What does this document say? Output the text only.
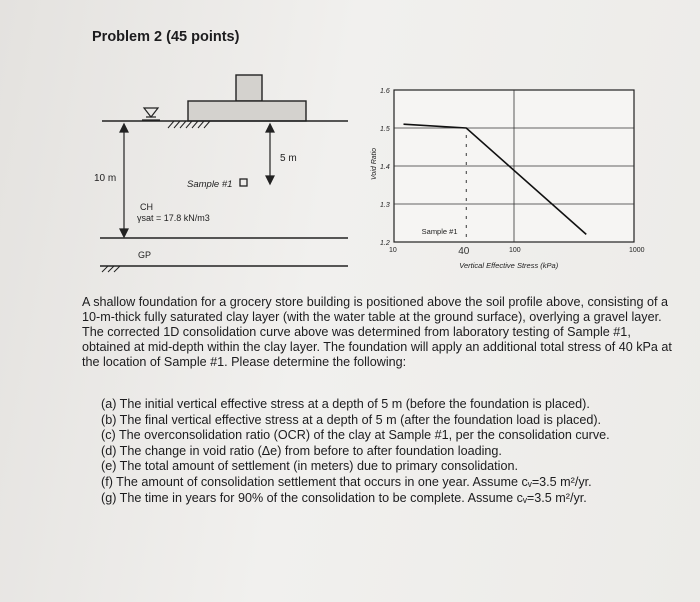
Problem 2 (45 points)
10 m
5 m
Sample #1
CH
γsat = 17.8 kN/m3
GP
1.2
1.3
1.4
1.5
1.6
10	100	1000
Void Ratio
Vertical Effective Stress (kPa)
Sample #1
40

A shallow foundation for a grocery store building is positioned above the soil profile above, consisting of a 10-m-thick fully saturated clay layer (with the water table at the ground surface), overlying a gravel layer. The corrected 1D consolidation curve above was determined from laboratory testing of Sample #1, obtained at mid-depth within the clay layer. The foundation will apply an additional total stress of 40 kPa at the location of Sample #1. Please determine the following:

(a) The initial vertical effective stress at a depth of 5 m (before the foundation is placed).
(b) The final vertical effective stress at a depth of 5 m (after the foundation load is placed).
(c) The overconsolidation ratio (OCR) of the clay at Sample #1, per the consolidation curve.
(d) The change in void ratio (Δe) from before to after foundation loading.
(e) The total amount of settlement (in meters) due to primary consolidation.
(f) The amount of consolidation settlement that occurs in one year. Assume cᵥ=3.5 m²/yr.
(g) The time in years for 90% of the consolidation to be complete. Assume cᵥ=3.5 m²/yr.
